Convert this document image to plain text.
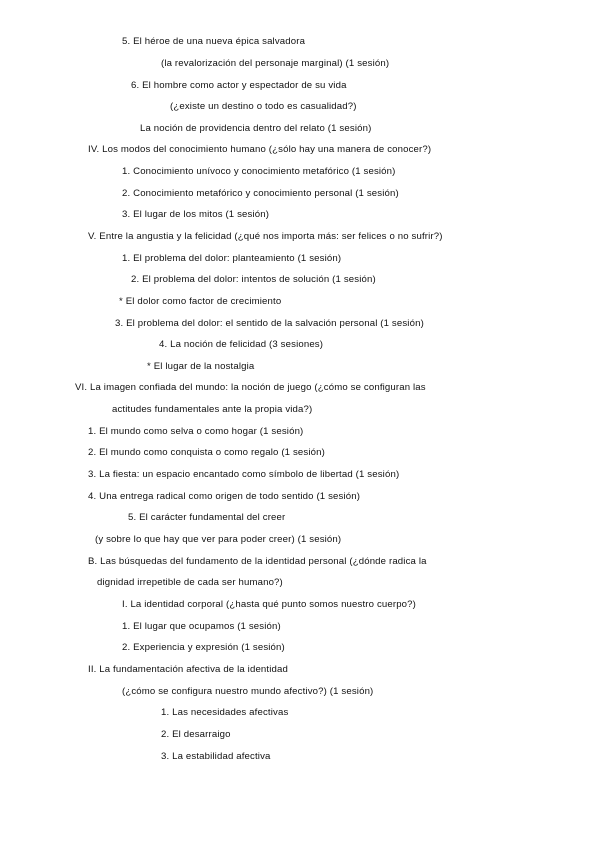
5. El héroe de una nueva épica salvadora
(la revalorización del personaje marginal) (1 sesión)
6. El hombre como actor y espectador de su vida
(¿existe un destino o todo es casualidad?)
La noción de providencia dentro del relato (1 sesión)
IV. Los modos del conocimiento humano (¿sólo hay una manera de conocer?)
1. Conocimiento unívoco y conocimiento metafórico (1 sesión)
2. Conocimiento metafórico y conocimiento personal (1 sesión)
3. El lugar de los mitos (1 sesión)
V. Entre la angustia y la felicidad (¿qué nos importa más: ser felices o no sufrir?)
1. El problema del dolor: planteamiento (1 sesión)
2. El problema del dolor: intentos de solución (1 sesión)
* El dolor como factor de crecimiento
3. El problema del dolor: el sentido de la salvación personal (1 sesión)
4. La noción de felicidad (3 sesiones)
* El lugar de la nostalgia
VI. La imagen confiada del mundo: la noción de juego (¿cómo se configuran las
actitudes fundamentales ante la propia vida?)
1. El mundo como selva o como hogar (1 sesión)
2. El mundo como conquista o como regalo (1 sesión)
3. La fiesta: un espacio encantado como símbolo de libertad (1 sesión)
4. Una entrega radical como origen de todo sentido (1 sesión)
5. El carácter fundamental del creer
(y sobre lo que hay que ver para poder creer) (1 sesión)
B. Las búsquedas del fundamento de la identidad personal (¿dónde radica la
dignidad irrepetible de cada ser humano?)
I. La identidad corporal (¿hasta qué punto somos nuestro cuerpo?)
1. El lugar que ocupamos (1 sesión)
2. Experiencia y expresión (1 sesión)
II. La fundamentación afectiva de la identidad
(¿cómo se configura nuestro mundo afectivo?) (1 sesión)
1. Las necesidades afectivas
2. El desarraigo
3. La estabilidad afectiva
